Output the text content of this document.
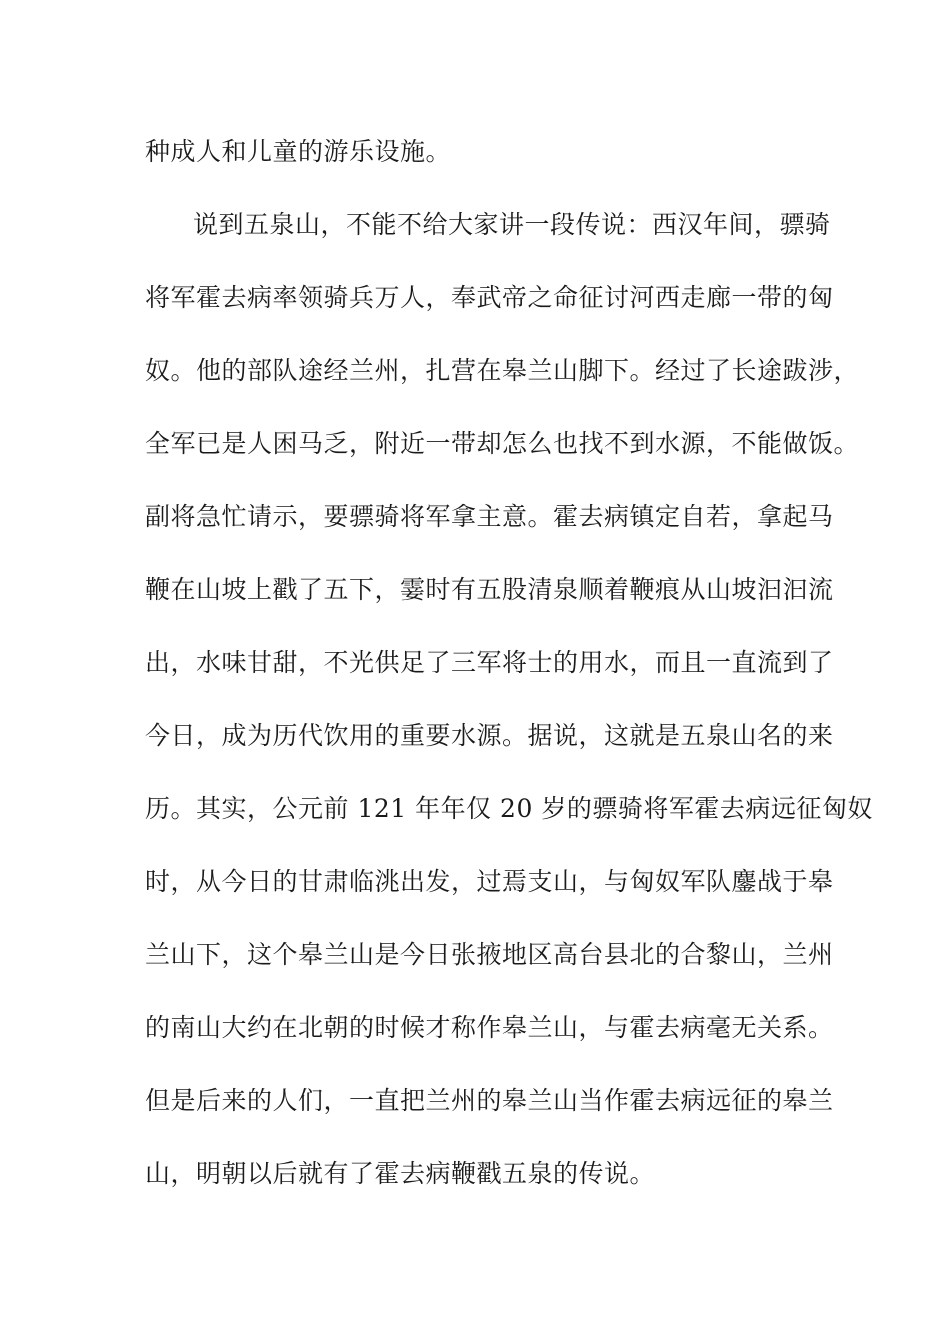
种成人和儿童的游乐设施。
说到五泉山，不能不给大家讲一段传说：西汉年间，骠骑
将军霍去病率领骑兵万人，奉武帝之命征讨河西走廊一带的匈
奴。他的部队途经兰州，扎营在皋兰山脚下。经过了长途跋涉，
全军已是人困马乏，附近一带却怎么也找不到水源，不能做饭。
副将急忙请示，要骠骑将军拿主意。霍去病镇定自若，拿起马
鞭在山坡上戳了五下，霎时有五股清泉顺着鞭痕从山坡汩汩流
出，水味甘甜，不光供足了三军将士的用水，而且一直流到了
今日，成为历代饮用的重要水源。据说，这就是五泉山名的来
历。其实，公元前 121 年年仅 20 岁的骠骑将军霍去病远征匈奴
时，从今日的甘肃临洮出发，过焉支山，与匈奴军队鏖战于皋
兰山下，这个皋兰山是今日张掖地区高台县北的合黎山，兰州
的南山大约在北朝的时候才称作皋兰山，与霍去病毫无关系。
但是后来的人们，一直把兰州的皋兰山当作霍去病远征的皋兰
山，明朝以后就有了霍去病鞭戳五泉的传说。
